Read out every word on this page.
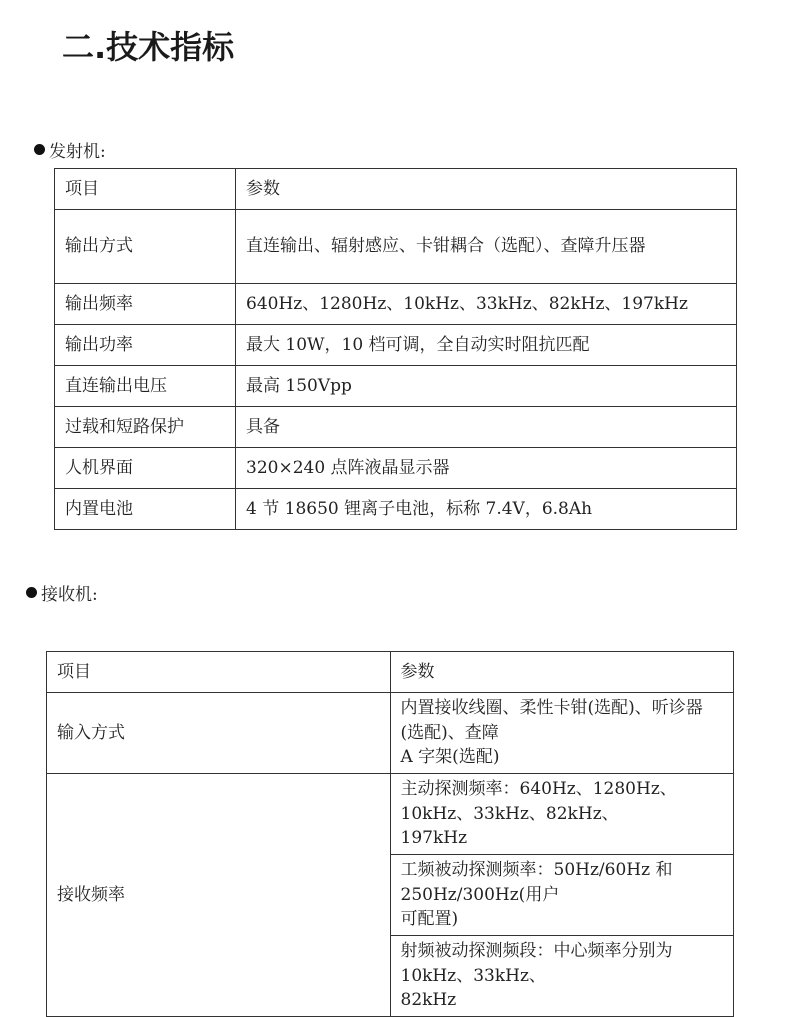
二.技术指标
发射机:
项目	参数
输出方式	直连输出、辐射感应、卡钳耦合（选配）、查障升压器
输出频率	640Hz、1280Hz、10kHz、33kHz、82kHz、197kHz
输出功率	最大 10W，10 档可调，全自动实时阻抗匹配
直连输出电压	最高 150Vpp
过载和短路保护	具备
人机界面	320×240 点阵液晶显示器
内置电池	4 节 18650 锂离子电池，标称 7.4V，6.8Ah
接收机:
项目	参数
输入方式	内置接收线圈、柔性卡钳(选配)、听诊器(选配)、查障
A 字架(选配)

接收频率	主动探测频率：640Hz、1280Hz、10kHz、33kHz、82kHz、
197kHz

	工频被动探测频率：50Hz/60Hz 和 250Hz/300Hz(用户
可配置)

	射频被动探测频段：中心频率分别为 10kHz、33kHz、
82kHz
